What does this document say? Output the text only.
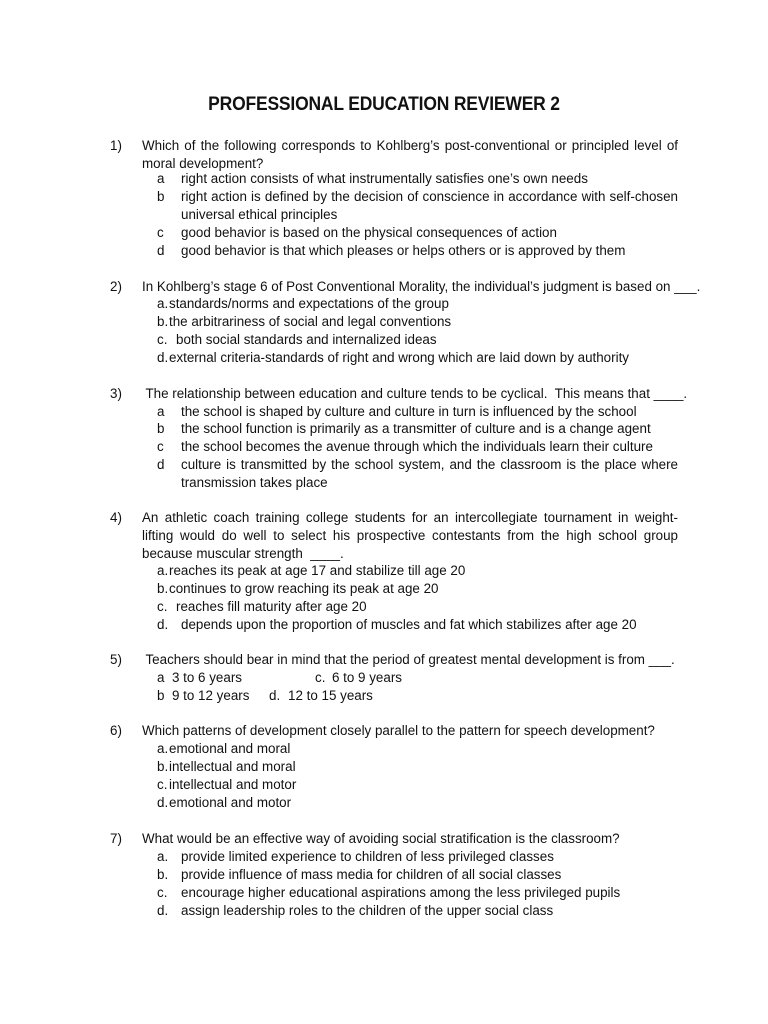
PROFESSIONAL EDUCATION REVIEWER 2
1) Which of the following corresponds to Kohlberg’s post-conventional or principled level of moral development?
a right action consists of what instrumentally satisfies one’s own needs
b right action is defined by the decision of conscience in accordance with self-chosen universal ethical principles
c good behavior is based on the physical consequences of action
d good behavior is that which pleases or helps others or is approved by them
2) In Kohlberg’s stage 6 of Post Conventional Morality, the individual’s judgment is based on ___.
a. standards/norms and expectations of the group
b. the arbitrariness of social and legal conventions
c. both social standards and internalized ideas
d. external criteria-standards of right and wrong which are laid down by authority
3) The relationship between education and culture tends to be cyclical.  This means that ____.
a the school is shaped by culture and culture in turn is influenced by the school
b the school function is primarily as a transmitter of culture and is a change agent
c the school becomes the avenue through which the individuals learn their culture
d culture is transmitted by the school system, and the classroom is the place where transmission takes place
4) An athletic coach training college students for an intercollegiate tournament in weight-lifting would do well to select his prospective contestants from the high school group because muscular strength  ____.
a. reaches its peak at age 17 and stabilize till age 20
b. continues to grow reaching its peak at age 20
c. reaches fill maturity after age 20
d. depends upon the proportion of muscles and fat which stabilizes after age 20
5) Teachers should bear in mind that the period of greatest mental development is from ___.
a 3 to 6 years	c. 6 to 9 years
b 9 to 12 years d. 12 to 15 years
6) Which patterns of development closely parallel to the pattern for speech development?
a. emotional and moral
b. intellectual and moral
c. intellectual and motor
d. emotional and motor
7) What would be an effective way of avoiding social stratification is the classroom?
a. provide limited experience to children of less privileged classes
b. provide influence of mass media for children of all social classes
c. encourage higher educational aspirations among the less privileged pupils
d. assign leadership roles to the children of the upper social class
